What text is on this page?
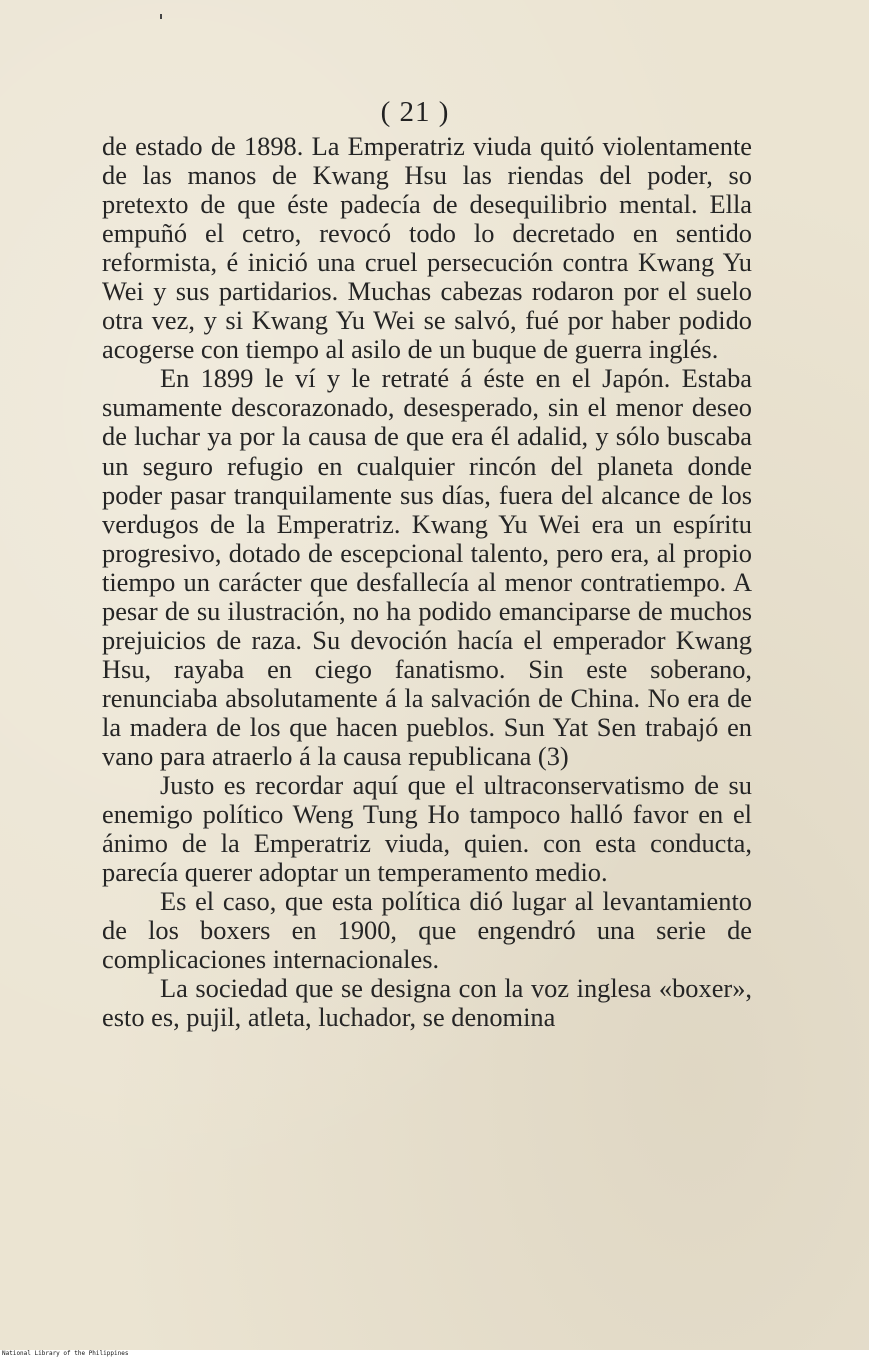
( 21 )

de estado de 1898. La Emperatriz viuda quitó violentamente de las manos de Kwang Hsu las riendas del poder, so pretexto de que éste padecía de desequilibrio mental. Ella empuñó el cetro, revocó todo lo decretado en sentido reformista, é inició una cruel persecución contra Kwang Yu Wei y sus partidarios. Muchas cabezas rodaron por el suelo otra vez, y si Kwang Yu Wei se salvó, fué por haber podido acogerse con tiempo al asilo de un buque de guerra inglés.

En 1899 le ví y le retraté á éste en el Japón. Estaba sumamente descorazonado, desesperado, sin el menor deseo de luchar ya por la causa de que era él adalid, y sólo buscaba un seguro refugio en cualquier rincón del planeta donde poder pasar tranquilamente sus días, fuera del alcance de los verdugos de la Emperatriz. Kwang Yu Wei era un espíritu progresivo, dotado de escepcional talento, pero era, al propio tiempo un carácter que desfallecía al menor contratiempo. A pesar de su ilustración, no ha podido emanciparse de muchos prejuicios de raza. Su devoción hacía el emperador Kwang Hsu, rayaba en ciego fanatismo. Sin este soberano, renunciaba absolutamente á la salvación de China. No era de la madera de los que hacen pueblos. Sun Yat Sen trabajó en vano para atraerlo á la causa republicana (3)

Justo es recordar aquí que el ultraconservatismo de su enemigo político Weng Tung Ho tampoco halló favor en el ánimo de la Emperatriz viuda, quien. con esta conducta, parecía querer adoptar un temperamento medio.

Es el caso, que esta política dió lugar al levantamiento de los boxers en 1900, que engendró una serie de complicaciones internacionales.

La sociedad que se designa con la voz inglesa «boxer», esto es, pujil, atleta, luchador, se denomina

National Library of the Philippines
